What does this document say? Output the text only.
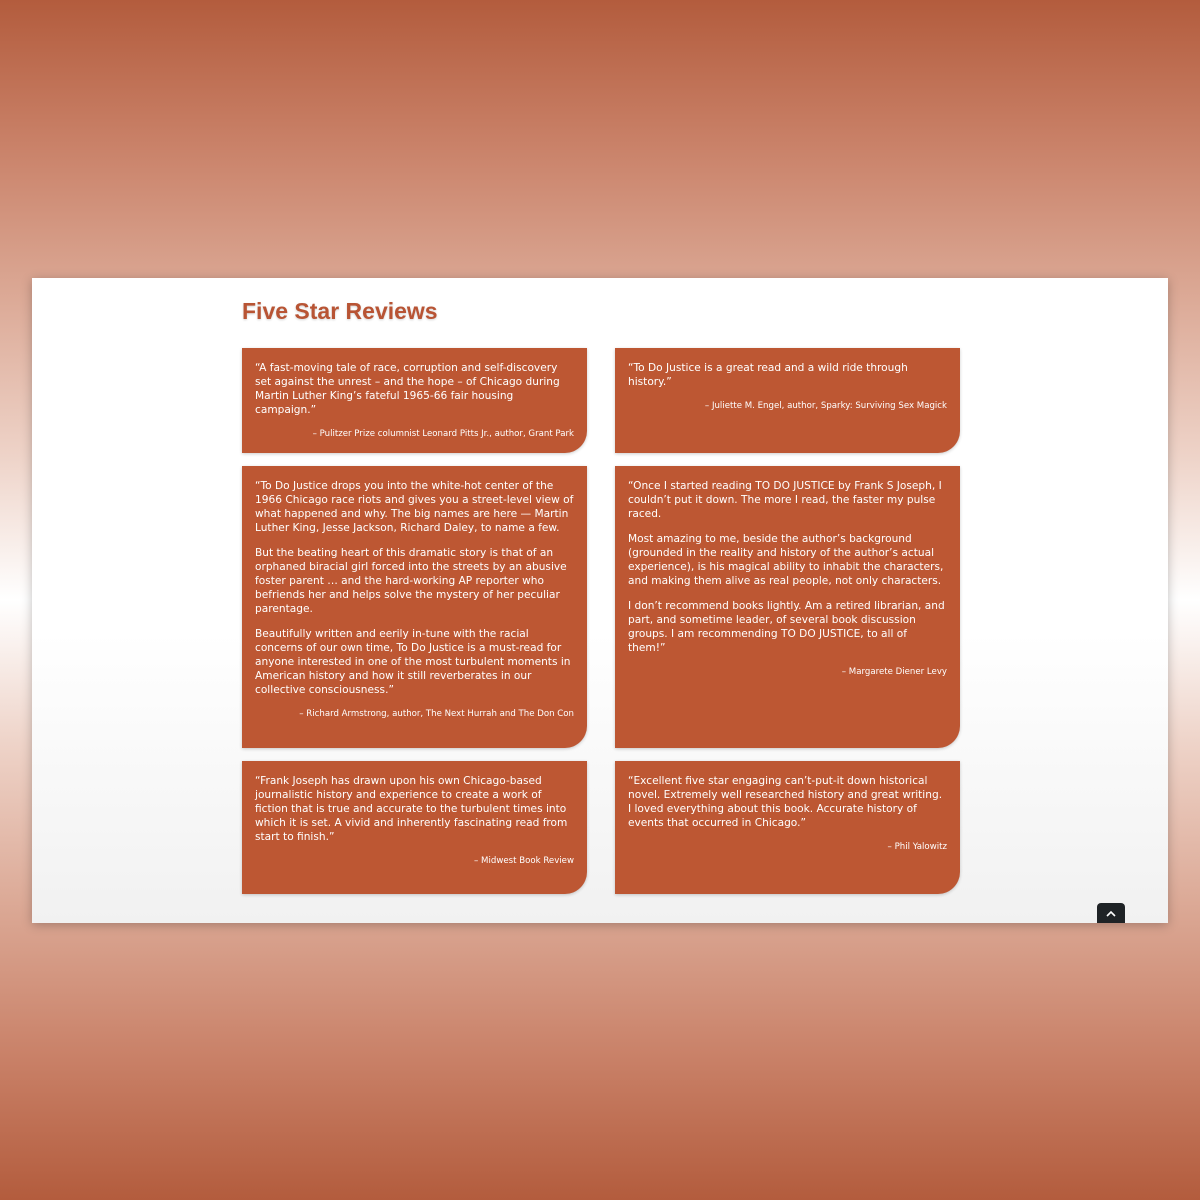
Five Star Reviews

“A fast-moving tale of race, corruption and self-discovery set against the unrest – and the hope – of Chicago during Martin Luther King’s fateful 1965-66 fair housing campaign.”

– Pulitzer Prize columnist Leonard Pitts Jr., author, Grant Park

“To Do Justice is a great read and a wild ride through history.”

– Juliette M. Engel, author, Sparky: Surviving Sex Magick

“To Do Justice drops you into the white-hot center of the 1966 Chicago race riots and gives you a street-level view of what happened and why. The big names are here — Martin Luther King, Jesse Jackson, Richard Daley, to name a few.

But the beating heart of this dramatic story is that of an orphaned biracial girl forced into the streets by an abusive foster parent … and the hard-working AP reporter who befriends her and helps solve the mystery of her peculiar parentage.

Beautifully written and eerily in-tune with the racial concerns of our own time, To Do Justice is a must-read for anyone interested in one of the most turbulent moments in American history and how it still reverberates in our collective consciousness.”

– Richard Armstrong, author, The Next Hurrah and The Don Con

“Once I started reading TO DO JUSTICE by Frank S Joseph, I couldn’t put it down. The more I read, the faster my pulse raced.

Most amazing to me, beside the author’s background (grounded in the reality and history of the author’s actual experience), is his magical ability to inhabit the characters, and making them alive as real people, not only characters.

I don’t recommend books lightly. Am a retired librarian, and part, and sometime leader, of several book discussion groups. I am recommending TO DO JUSTICE, to all of them!”

– Margarete Diener Levy

“Frank Joseph has drawn upon his own Chicago-based journalistic history and experience to create a work of fiction that is true and accurate to the turbulent times into which it is set. A vivid and inherently fascinating read from start to finish.”

– Midwest Book Review

“Excellent five star engaging can’t-put-it down historical novel. Extremely well researched history and great writing. I loved everything about this book. Accurate history of events that occurred in Chicago.”

– Phil Yalowitz
